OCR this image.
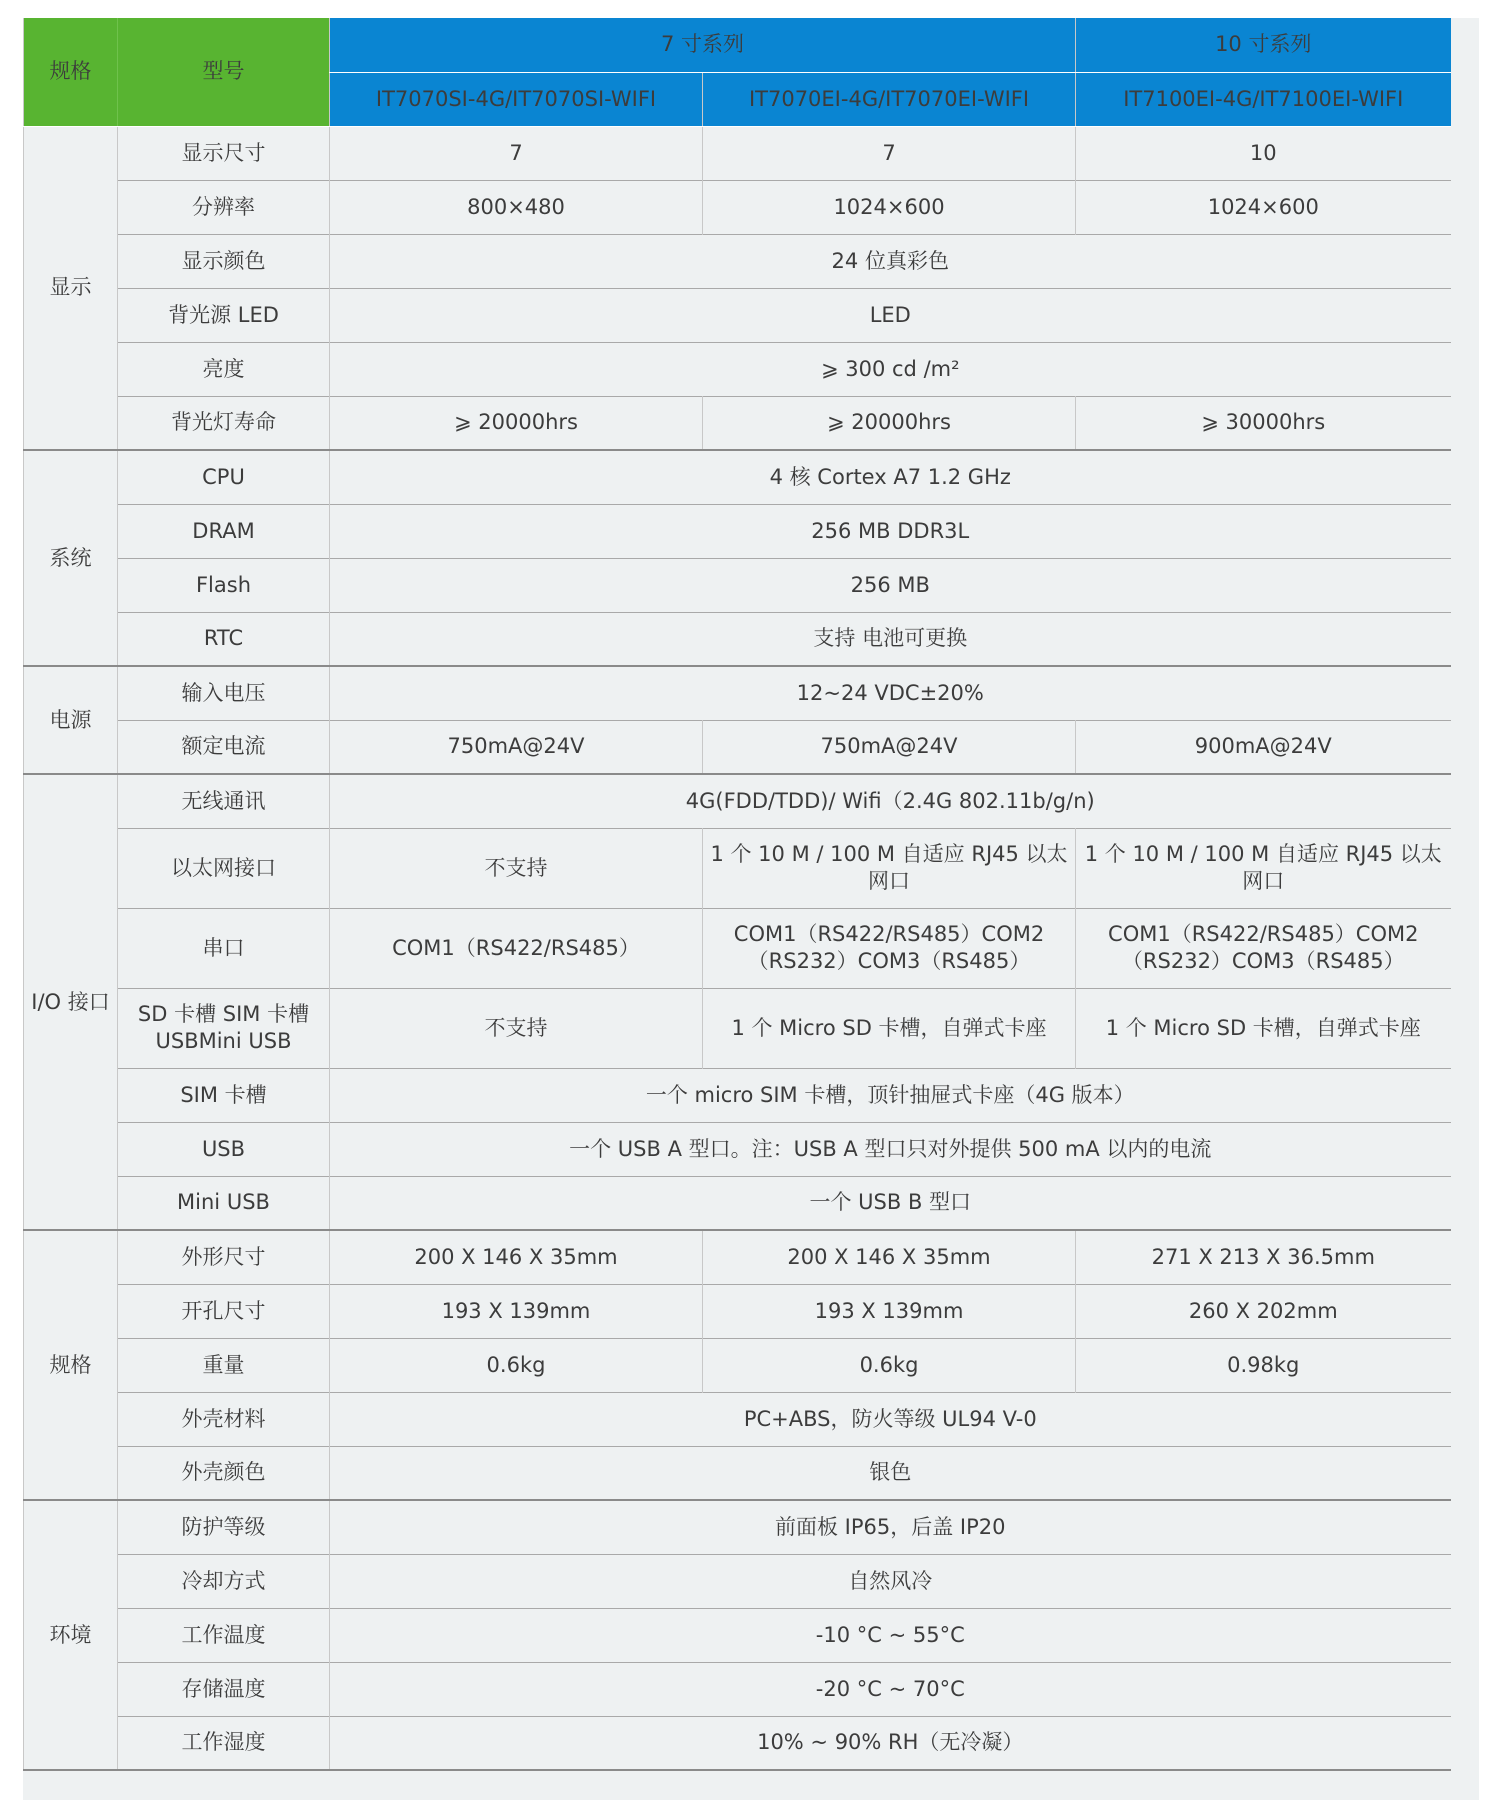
规格	型号	7 寸系列		10 寸系列
		IT7070SI-4G/IT7070SI-WIFI	IT7070EI-4G/IT7070EI-WIFI	IT7100EI-4G/IT7100EI-WIFI
显示	显示尺寸	7	7	10
	分辨率	800×480	1024×600	1024×600
	显示颜色	24 位真彩色		
	背光源 LED	LED		
	亮度	⩾ 300 cd /m²		
	背光灯寿命	⩾ 20000hrs	⩾ 20000hrs	⩾ 30000hrs
系统	CPU	4 核 Cortex A7 1.2 GHz		
	DRAM	256 MB DDR3L		
	Flash	256 MB		
	RTC	支持 电池可更换		
电源	输入电压	12~24 VDC±20%		
	额定电流	750mA@24V	750mA@24V	900mA@24V
I/O 接口	无线通讯	4G(FDD/TDD)/ Wifi（2.4G 802.11b/g/n)		
	以太网接口	不支持	1 个 10 M / 100 M 自适应 RJ45 以太网口	1 个 10 M / 100 M 自适应 RJ45 以太网口
	串口	COM1（RS422/RS485）	COM1（RS422/RS485）COM2（RS232）COM3（RS485）	COM1（RS422/RS485）COM2（RS232）COM3（RS485）
	SD 卡槽 SIM 卡槽 USBMini USB	不支持	1 个 Micro SD 卡槽，自弹式卡座	1 个 Micro SD 卡槽，自弹式卡座
	SIM 卡槽	一个 micro SIM 卡槽，顶针抽屉式卡座（4G 版本）		
	USB	一个 USB A 型口。注：USB A 型口只对外提供 500 mA 以内的电流		
	Mini USB	一个 USB B 型口		
规格	外形尺寸	200 X 146 X 35mm	200 X 146 X 35mm	271 X 213 X 36.5mm
	开孔尺寸	193 X 139mm	193 X 139mm	260 X 202mm
	重量	0.6kg	0.6kg	0.98kg
	外壳材料	PC+ABS，防火等级 UL94 V-0		
	外壳颜色	银色		
环境	防护等级	前面板 IP65，后盖 IP20		
	冷却方式	自然风冷		
	工作温度	-10 °C ~ 55°C		
	存储温度	-20 °C ~ 70°C		
	工作湿度	10% ~ 90% RH（无冷凝）		
